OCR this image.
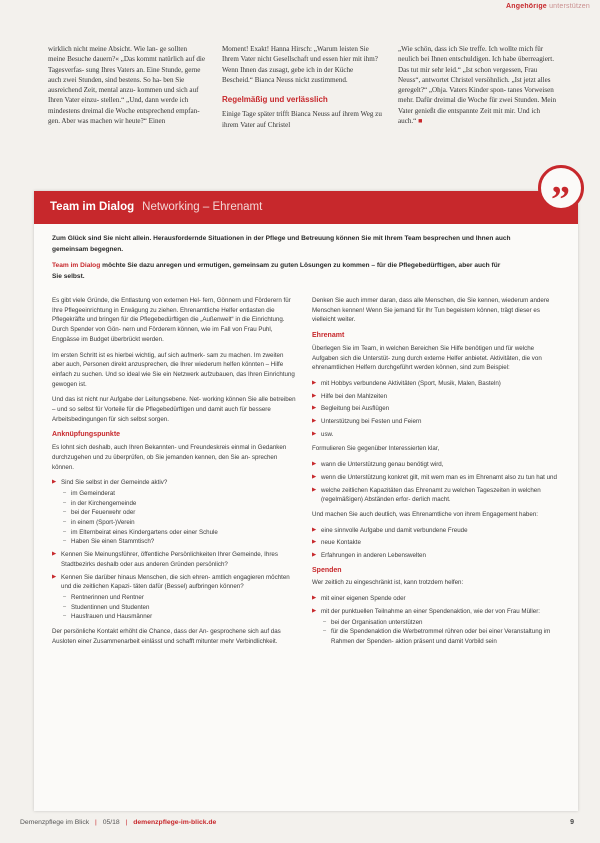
Angehörige unterstützen

wirklich nicht meine Absicht. Wie lan- ge sollten meine Besuche dauern?« „Das kommt natürlich auf die Tagesverfas- sung Ihres Vaters an. Eine Stunde, gerne auch zwei Stunden, sind bestens. So ha- ben Sie ausreichend Zeit, mental anzu- kommen und sich auf Ihren Vater einzu- stellen.“ „Und, dann werde ich mindestens dreimal die Woche entsprechend empfan- gen. Aber was machen wir heute?“ Einen

Moment! Exakt! Hanna Hirsch: „Warum leisten Sie Ihrem Vater nicht Gesellschaft und essen hier mit ihm? Wenn Ihnen das zusagt, gebe ich in der Küche Bescheid.“ Bianca Neuss nickt zustimmend.

Regelmäßig und verlässlich

Einige Tage später trifft Bianca Neuss auf ihrem Weg zu ihrem Vater auf Christel

„Wie schön, dass ich Sie treffe. Ich wollte mich für neulich bei Ihnen entschuldigen. Ich habe überreagiert. Das tut mir sehr leid.“ „Ist schon vergessen, Frau Neuss“, antwortet Christel versöhnlich. „Ist jetzt alles geregelt?“ „Ohja. Vaters Kinder spon- tanes Vorweisen mehr. Dafür dreimal die Woche für zwei Stunden. Mein Vater genießt die entspannte Zeit mit mir. Und ich auch.“ ■

Team im Dialog Networking – Ehrenamt	”

Zum Glück sind Sie nicht allein. Herausfordernde Situationen in der Pflege und Betreuung können Sie mit Ihrem Team besprechen und Ihnen auch gemeinsam begegnen.

Team im Dialog möchte Sie dazu anregen und ermutigen, gemeinsam zu guten Lösungen zu kommen – für die Pflegebedürftigen, aber auch für Sie selbst.

Es gibt viele Gründe, die Entlastung von externen Hel- fern, Gönnern und Förderern für Ihre Pflegeeinrichtung in Erwägung zu ziehen. Ehrenamtliche Helfer entlasten die Pflegekräfte und bringen für die Pflegebedürftigen die „Außenwelt“ in die Einrichtung. Durch Spender von Gön- nern und Förderern können, wie im Fall von Frau Puhl, Engpässe im Budget überbrückt werden.

Im ersten Schritt ist es hierbei wichtig, auf sich aufmerk- sam zu machen. Im zweiten aber auch, Personen direkt anzusprechen, die Ihrer wiederum helfen könnten – Hilfe einfach zu suchen. Und so ideal wie Sie ein Netzwerk aufzubauen, das Ihren Einrichtung gewogen ist.

Und das ist nicht nur Aufgabe der Leitungsebene. Net- working können Sie alle betreiben – und so selbst für Vorteile für die Pflegebedürftigen und damit auch für bessere Arbeitsbedingungen für sich selbst sorgen.

Anknüpfungspunkte

Es lohnt sich deshalb, auch Ihren Bekannten- und Freundeskreis einmal in Gedanken durchzugehen und zu überprüfen, ob Sie jemanden kennen, den Sie an- sprechen können.

▶ Sind Sie selbst in der Gemeinde aktiv?
– im Gemeinderat
– in der Kirchengemeinde
– bei der Feuerwehr oder
– in einem (Sport-)Verein
– im Elternbeirat eines Kindergartens oder einer Schule
– Haben Sie einen Stammtisch?
▶ Kennen Sie Meinungsführer, öffentliche Persönlichkeiten Ihrer Gemeinde, Ihres Stadtbezirks deshalb oder aus anderen Gründen persönlich?
▶ Kennen Sie darüber hinaus Menschen, die sich ehren- amtlich engagieren möchten und die zeitlichen Kapazi- täten dafür (Bessel) aufbringen können?
– Rentnerinnen und Rentner
– Studentinnen und Studenten
– Hausfrauen und Hausmänner

Der persönliche Kontakt erhöht die Chance, dass der An- gesprochene sich auf das Ausloten einer Zusammenarbeit einlässt und schafft mitunter mehr Verbindlichkeit.

Denken Sie auch immer daran, dass alle Menschen, die Sie kennen, wiederum andere Menschen kennen! Wenn Sie jemand für Ihr Tun begeistern können, trägt dieser es vielleicht weiter.

Ehrenamt

Überlegen Sie im Team, in welchen Bereichen Sie Hilfe benötigen und für welche Aufgaben sich die Unterstüt- zung durch externe Helfer anbietet. Aktivitäten, die von ehrenamtlichen Helfern durchgeführt werden können, sind zum Beispiel:

▶ mit Hobbys verbundene Aktivitäten (Sport, Musik, Malen, Basteln)
▶ Hilfe bei den Mahlzeiten
▶ Begleitung bei Ausflügen
▶ Unterstützung bei Festen und Feiern
▶ usw.

Formulieren Sie gegenüber Interessierten klar,

▶ wann die Unterstützung genau benötigt wird,
▶ wenn die Unterstützung konkret gilt, mit wem man es im Ehrenamt also zu tun hat und
▶ welche zeitlichen Kapazitäten das Ehrenamt zu welchen Tageszeiten in welchen (regelmäßigen) Abständen erfor- derlich macht.

Und machen Sie auch deutlich, was Ehrenamtliche von ihrem Engagement haben:

▶ eine sinnvolle Aufgabe und damit verbundene Freude
▶ neue Kontakte
▶ Erfahrungen in anderen Lebenswelten
Spenden

Wer zeitlich zu eingeschränkt ist, kann trotzdem helfen:

▶ mit einer eigenen Spende oder
▶ mit der punktuellen Teilnahme an einer Spendenaktion, wie der von Frau Müller:
– bei der Organisation unterstützen
– für die Spendenaktion die Werbetrommel rühren oder bei einer Veranstaltung im Rahmen der Spenden- aktion präsent und damit Vorbild sein
Demenzpflege im Blick | 05/18 | demenzpflege-im-blick.de	9
